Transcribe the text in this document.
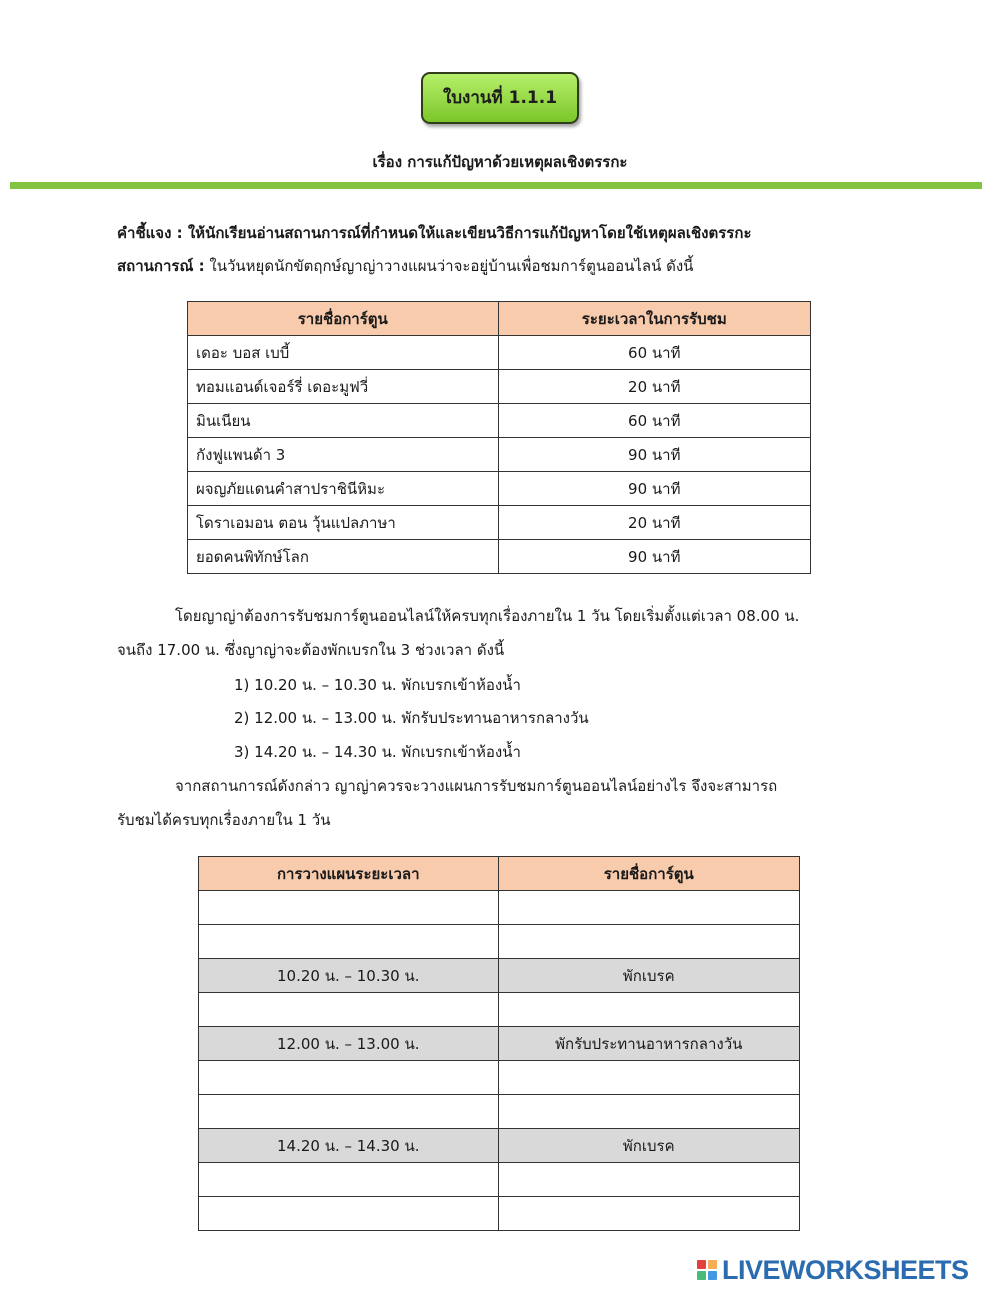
ใบงานที่ 1.1.1
เรื่อง การแก้ปัญหาด้วยเหตุผลเชิงตรรกะ
คำชี้แจง : ให้นักเรียนอ่านสถานการณ์ที่กำหนดให้และเขียนวิธีการแก้ปัญหาโดยใช้เหตุผลเชิงตรรกะ
สถานการณ์ : ในวันหยุดนักขัตฤกษ์ญาญ่าวางแผนว่าจะอยู่บ้านเพื่อชมการ์ตูนออนไลน์ ดังนี้
รายชื่อการ์ตูน	ระยะเวลาในการรับชม
เดอะ บอส เบบี้	60 นาที
ทอมแอนด์เจอร์รี่ เดอะมูฟวี่	20 นาที
มินเนียน	60 นาที
กังฟูแพนด้า 3	90 นาที
ผจญภัยแดนคำสาปราชินีหิมะ	90 นาที
โดราเอมอน ตอน วุ้นแปลภาษา	20 นาที
ยอดคนพิทักษ์โลก	90 นาที
โดยญาญ่าต้องการรับชมการ์ตูนออนไลน์ให้ครบทุกเรื่องภายใน 1 วัน โดยเริ่มตั้งแต่เวลา 08.00 น.
จนถึง 17.00 น. ซึ่งญาญ่าจะต้องพักเบรกใน 3 ช่วงเวลา ดังนี้
1) 10.20 น. – 10.30 น. พักเบรกเข้าห้องน้ำ
2) 12.00 น. – 13.00 น. พักรับประทานอาหารกลางวัน
3) 14.20 น. – 14.30 น. พักเบรกเข้าห้องน้ำ
จากสถานการณ์ดังกล่าว ญาญ่าควรจะวางแผนการรับชมการ์ตูนออนไลน์อย่างไร จึงจะสามารถ
รับชมได้ครบทุกเรื่องภายใน 1 วัน
การวางแผนระยะเวลา	รายชื่อการ์ตูน

10.20 น. – 10.30 น.	พักเบรค

12.00 น. – 13.00 น.	พักรับประทานอาหารกลางวัน

14.20 น. – 14.30 น.	พักเบรค

LIVEWORKSHEETS
